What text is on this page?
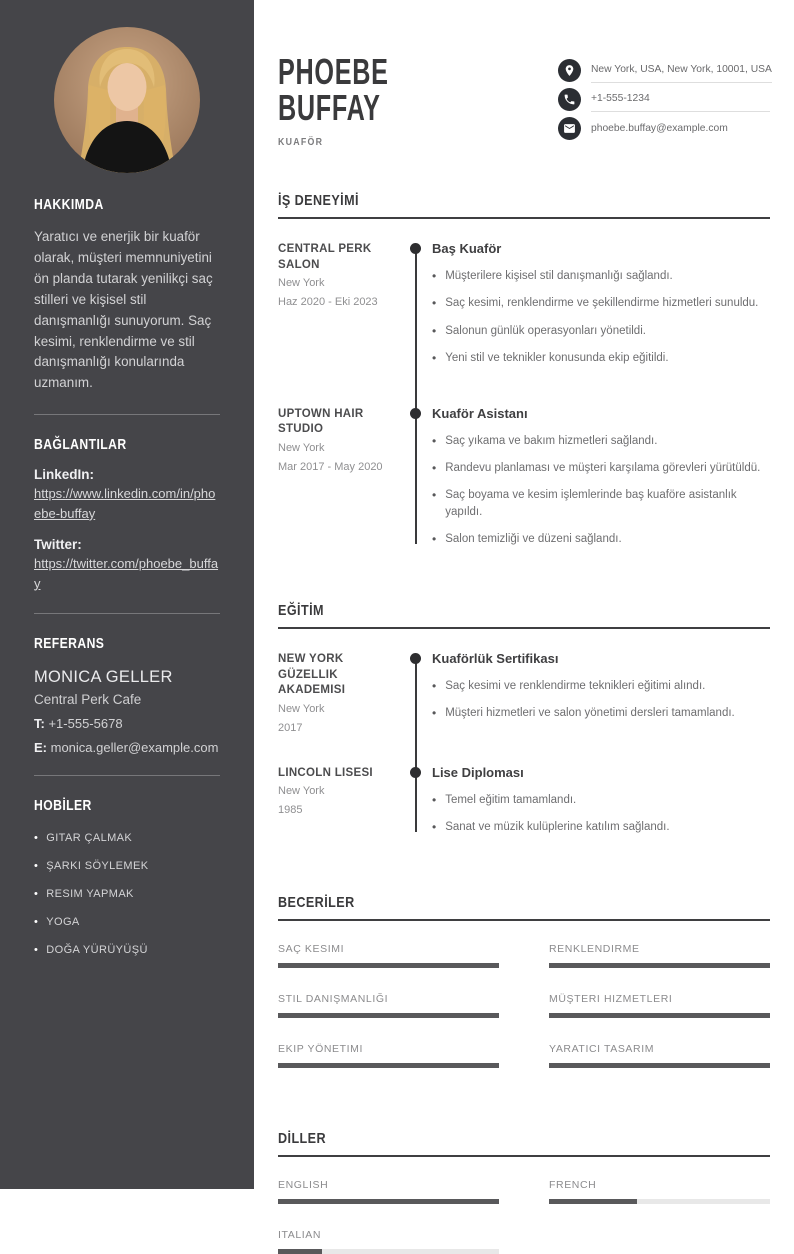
HAKKIMDA

Yaratıcı ve enerjik bir kuaför olarak, müşteri memnuniyetini ön planda tutarak yenilikçi saç stilleri ve kişisel stil danışmanlığı sunuyorum. Saç kesimi, renklendirme ve stil danışmanlığı konularında uzmanım.

BAĞLANTILAR
LinkedIn:
https://www.linkedin.com/in/phoebe-buffay
Twitter:
https://twitter.com/phoebe_buffay
REFERANS
MONICA GELLER
Central Perk Cafe
T: +1-555-5678
E: monica.geller@example.com
HOBİLER
• GITAR ÇALMAK
• ŞARKI SÖYLEMEK
• RESIM YAPMAK
• YOGA
• DOĞA YÜRÜYÜŞÜ
PHOEBE
BUFFAY
KUAFÖR
New York, USA, New York, 10001, USA
+1-555-1234
phoebe.buffay@example.com
İŞ DENEYİMİ
CENTRAL PERK SALON
New York
Haz 2020 - Eki 2023
Baş Kuaför
• Müşterilere kişisel stil danışmanlığı sağlandı.
• Saç kesimi, renklendirme ve şekillendirme hizmetleri sunuldu.
• Salonun günlük operasyonları yönetildi.
• Yeni stil ve teknikler konusunda ekip eğitildi.
UPTOWN HAIR STUDIO
New York
Mar 2017 - May 2020
Kuaför Asistanı
• Saç yıkama ve bakım hizmetleri sağlandı.
• Randevu planlaması ve müşteri karşılama görevleri yürütüldü.
• Saç boyama ve kesim işlemlerinde baş kuaföre asistanlık yapıldı.
• Salon temizliği ve düzeni sağlandı.
EĞİTİM
NEW YORK GÜZELLIK AKADEMISI
New York
2017
Kuaförlük Sertifikası
• Saç kesimi ve renklendirme teknikleri eğitimi alındı.
• Müşteri hizmetleri ve salon yönetimi dersleri tamamlandı.
LINCOLN LISESI
New York
1985
Lise Diploması
• Temel eğitim tamamlandı.
• Sanat ve müzik kulüplerine katılım sağlandı.
BECERİLER
SAÇ KESIMI	RENKLENDIRME
STIL DANIŞMANLIĞI	MÜŞTERI HIZMETLERI
EKIP YÖNETIMI	YARATICI TASARIM
DİLLER
ENGLISH	FRENCH
ITALIAN
